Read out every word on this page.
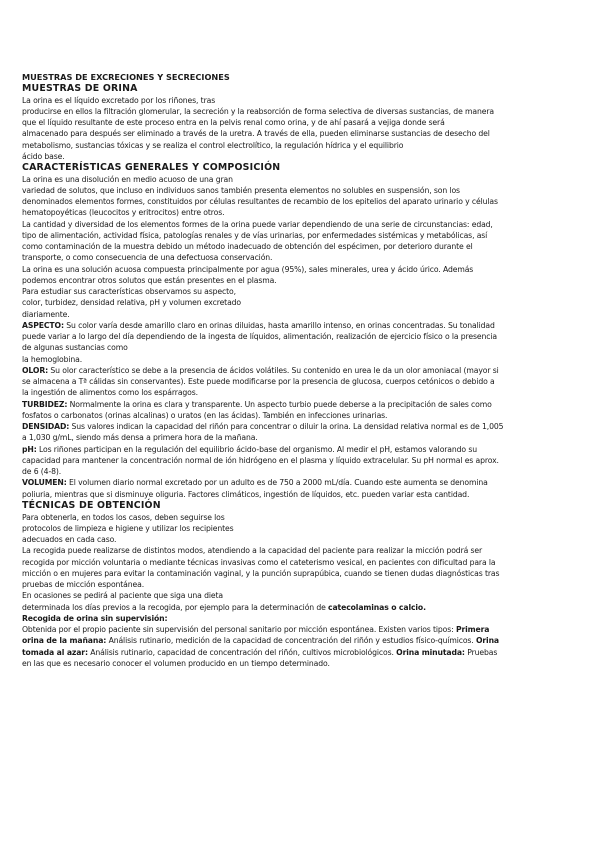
MUESTRAS DE EXCRECIONES Y SECRECIONES
MUESTRAS DE ORINA
La orina es el líquido excretado por los riñones, tras
producirse en ellos la filtración glomerular, la secreción y la reabsorción de forma selectiva de diversas sustancias, de manera
que el líquido resultante de este proceso entra en la pelvis renal como orina, y de ahí pasará a vejiga donde será
almacenado para después ser eliminado a través de la uretra. A través de ella, pueden eliminarse sustancias de desecho del
metabolismo, sustancias tóxicas y se realiza el control electrolítico, la regulación hídrica y el equilibrio
ácido base.
CARACTERÍSTICAS GENERALES Y COMPOSICIÓN
La orina es una disolución en medio acuoso de una gran
variedad de solutos, que incluso en individuos sanos también presenta elementos no solubles en suspensión, son los
denominados elementos formes, constituidos por células resultantes de recambio de los epitelios del aparato urinario y células
hematopoyéticas (leucocitos y eritrocitos) entre otros.
La cantidad y diversidad de los elementos formes de la orina puede variar dependiendo de una serie de circunstancias: edad,
tipo de alimentación, actividad física, patologías renales y de vías urinarias, por enfermedades sistémicas y metabólicas, así
como contaminación de la muestra debido un método inadecuado de obtención del espécimen, por deterioro durante el
transporte, o como consecuencia de una defectuosa conservación.
La orina es una solución acuosa compuesta principalmente por agua (95%), sales minerales, urea y ácido úrico. Además
podemos encontrar otros solutos que están presentes en el plasma.
Para estudiar sus características observamos su aspecto,
color, turbidez, densidad relativa, pH y volumen excretado
diariamente.
ASPECTO: Su color varía desde amarillo claro en orinas diluidas, hasta amarillo intenso, en orinas concentradas. Su tonalidad
puede variar a lo largo del día dependiendo de la ingesta de líquidos, alimentación, realización de ejercicio físico o la presencia
de algunas sustancias como
la hemoglobina.
OLOR: Su olor característico se debe a la presencia de ácidos volátiles. Su contenido en urea le da un olor amoniacal (mayor si
se almacena a Tª cálidas sin conservantes). Este puede modificarse por la presencia de glucosa, cuerpos cetónicos o debido a
la ingestión de alimentos como los espárragos.
TURBIDEZ: Normalmente la orina es clara y transparente. Un aspecto turbio puede deberse a la precipitación de sales como
fosfatos o carbonatos (orinas alcalinas) o uratos (en las ácidas). También en infecciones urinarias.
DENSIDAD: Sus valores indican la capacidad del riñón para concentrar o diluir la orina. La densidad relativa normal es de 1,005
a 1,030 g/mL, siendo más densa a primera hora de la mañana.
pH: Los riñones participan en la regulación del equilibrio ácido-base del organismo. Al medir el pH, estamos valorando su
capacidad para mantener la concentración normal de ión hidrógeno en el plasma y líquido extracelular. Su pH normal es aprox.
de 6 (4-8).
VOLUMEN: El volumen diario normal excretado por un adulto es de 750 a 2000 mL/día. Cuando este aumenta se denomina
poliuria, mientras que si disminuye oliguria. Factores climáticos, ingestión de líquidos, etc. pueden variar esta cantidad.
TÉCNICAS DE OBTENCIÓN
Para obtenerla, en todos los casos, deben seguirse los
protocolos de limpieza e higiene y utilizar los recipientes
adecuados en cada caso.
La recogida puede realizarse de distintos modos, atendiendo a la capacidad del paciente para realizar la micción podrá ser
recogida por micción voluntaria o mediante técnicas invasivas como el cateterismo vesical, en pacientes con dificultad para la
micción o en mujeres para evitar la contaminación vaginal, y la punción suprapúbica, cuando se tienen dudas diagnósticas tras
pruebas de micción espontánea.
En ocasiones se pedirá al paciente que siga una dieta
determinada los días previos a la recogida, por ejemplo para la determinación de catecolaminas o calcio.
Recogida de orina sin supervisión:
Obtenida por el propio paciente sin supervisión del personal sanitario por micción espontánea. Existen varios tipos: Primera
orina de la mañana: Análisis rutinario, medición de la capacidad de concentración del riñón y estudios físico-químicos. Orina
tomada al azar: Análisis rutinario, capacidad de concentración del riñón, cultivos microbiológicos. Orina minutada: Pruebas
en las que es necesario conocer el volumen producido en un tiempo determinado.
